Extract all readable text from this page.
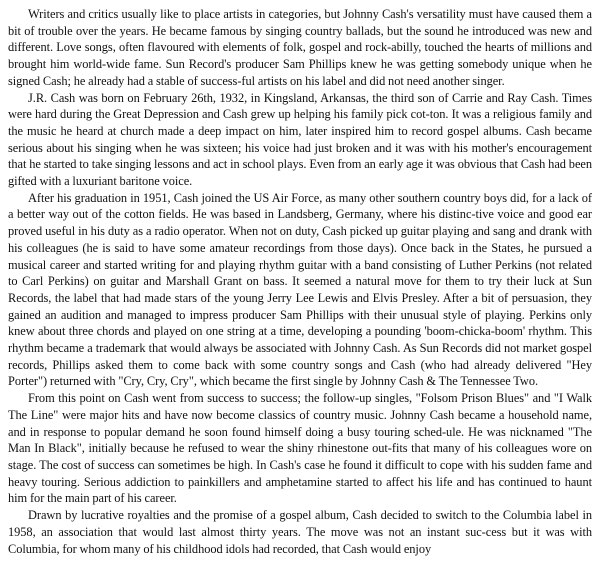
Writers and critics usually like to place artists in categories, but Johnny Cash's versatility must have caused them a bit of trouble over the years. He became famous by singing country ballads, but the sound he introduced was new and different. Love songs, often flavoured with elements of folk, gospel and rock-abilly, touched the hearts of millions and brought him world-wide fame. Sun Record's producer Sam Phillips knew he was getting somebody unique when he signed Cash; he already had a stable of success-ful artists on his label and did not need another singer.

J.R. Cash was born on February 26th, 1932, in Kingsland, Arkansas, the third son of Carrie and Ray Cash. Times were hard during the Great Depression and Cash grew up helping his family pick cot-ton. It was a religious family and the music he heard at church made a deep impact on him, later inspired him to record gospel albums. Cash became serious about his singing when he was sixteen; his voice had just broken and it was with his mother's encouragement that he started to take singing lessons and act in school plays. Even from an early age it was obvious that Cash had been gifted with a luxuriant baritone voice.

After his graduation in 1951, Cash joined the US Air Force, as many other southern country boys did, for a lack of a better way out of the cotton fields. He was based in Landsberg, Germany, where his distinc-tive voice and good ear proved useful in his duty as a radio operator. When not on duty, Cash picked up guitar playing and sang and drank with his colleagues (he is said to have some amateur recordings from those days). Once back in the States, he pursued a musical career and started writing for and playing rhythm guitar with a band consisting of Luther Perkins (not related to Carl Perkins) on guitar and Marshall Grant on bass. It seemed a natural move for them to try their luck at Sun Records, the label that had made stars of the young Jerry Lee Lewis and Elvis Presley. After a bit of persuasion, they gained an audition and managed to impress producer Sam Phillips with their unusual style of playing. Perkins only knew about three chords and played on one string at a time, developing a pounding 'boom-chicka-boom' rhythm. This rhythm became a trademark that would always be associated with Johnny Cash. As Sun Records did not market gospel records, Phillips asked them to come back with some country songs and Cash (who had already delivered "Hey Porter") returned with "Cry, Cry, Cry", which became the first single by Johnny Cash & The Tennessee Two.

From this point on Cash went from success to success; the follow-up singles, "Folsom Prison Blues" and "I Walk The Line" were major hits and have now become classics of country music. Johnny Cash became a household name, and in response to popular demand he soon found himself doing a busy touring sched-ule. He was nicknamed "The Man In Black", initially because he refused to wear the shiny rhinestone out-fits that many of his colleagues wore on stage. The cost of success can sometimes be high. In Cash's case he found it difficult to cope with his sudden fame and heavy touring. Serious addiction to painkillers and amphetamine started to affect his life and has continued to haunt him for the main part of his career.

Drawn by lucrative royalties and the promise of a gospel album, Cash decided to switch to the Columbia label in 1958, an association that would last almost thirty years. The move was not an instant suc-cess but it was with Columbia, for whom many of his childhood idols had recorded, that Cash would enjoy
